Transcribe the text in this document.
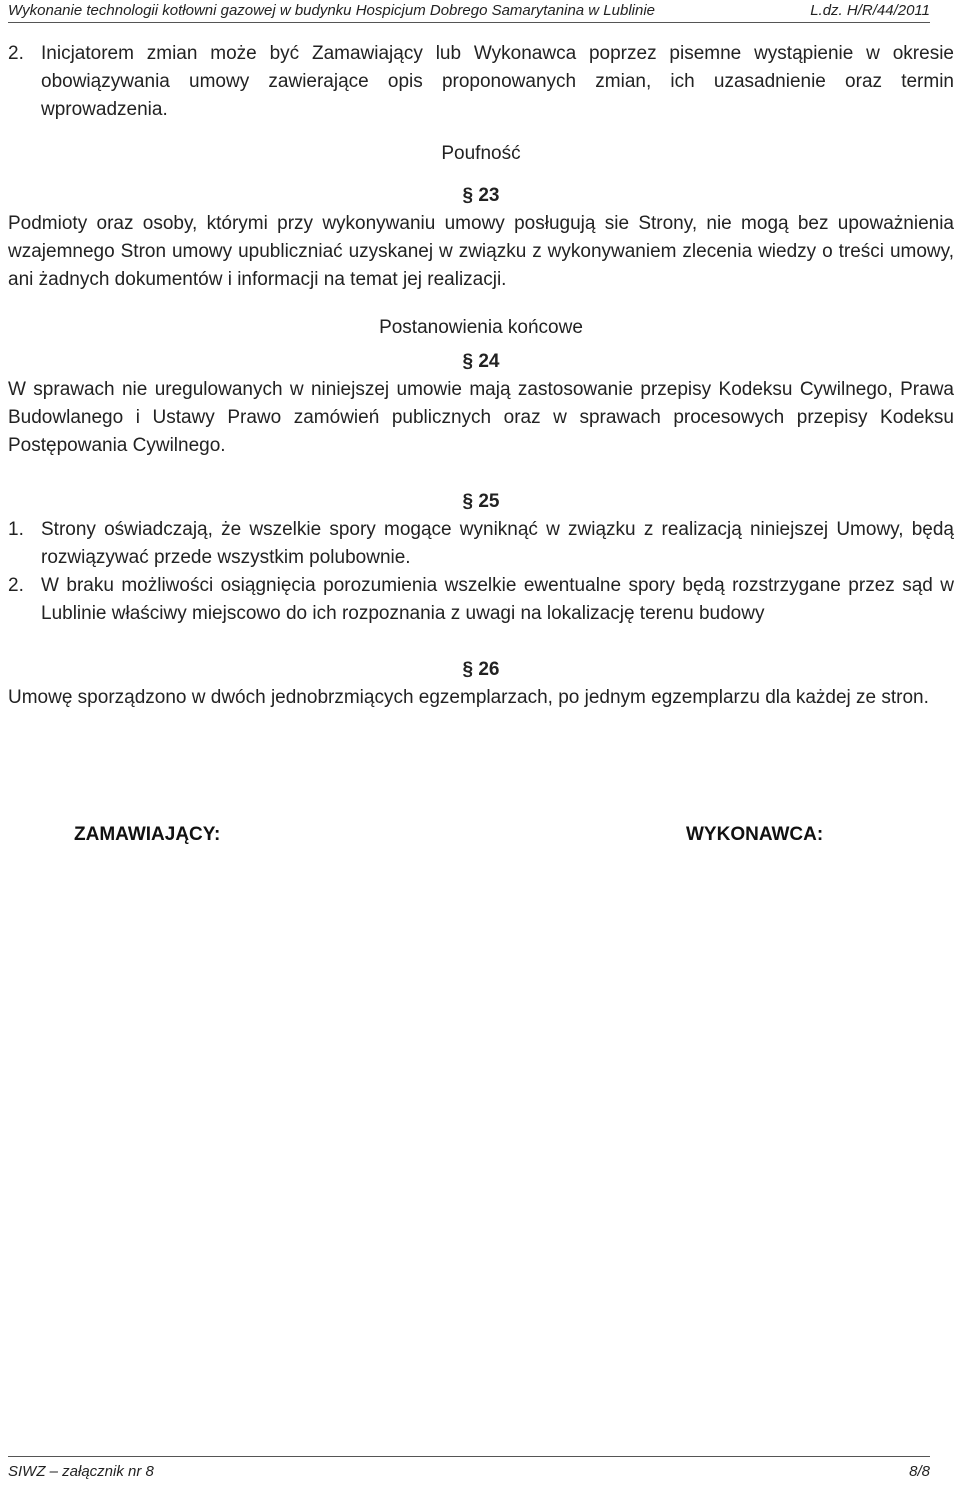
Wykonanie technologii kotłowni gazowej w budynku Hospicjum Dobrego Samarytanina w Lublinie	L.dz. H/R/44/2011
2. Inicjatorem zmian może być Zamawiający lub Wykonawca poprzez pisemne wystąpienie w okresie obowiązywania umowy zawierające opis proponowanych zmian, ich uzasadnienie oraz termin wprowadzenia.

Poufność

§ 23

Podmioty oraz osoby, którymi przy wykonywaniu umowy posługują sie Strony, nie mogą bez upoważnienia wzajemnego Stron umowy upubliczniać uzyskanej w związku z wykonywaniem zlecenia wiedzy o treści umowy, ani żadnych dokumentów i informacji na temat jej realizacji.

Postanowienia końcowe

§ 24

W sprawach nie uregulowanych w niniejszej umowie mają zastosowanie przepisy Kodeksu Cywilnego, Prawa Budowlanego i Ustawy Prawo zamówień publicznych oraz w sprawach procesowych przepisy Kodeksu Postępowania Cywilnego.

§ 25

1. Strony oświadczają, że wszelkie spory mogące wyniknąć w związku z realizacją niniejszej Umowy, będą rozwiązywać przede wszystkim polubownie.
2. W braku możliwości osiągnięcia porozumienia wszelkie ewentualne spory będą rozstrzygane przez sąd w Lublinie właściwy miejscowo do ich rozpoznania z uwagi na lokalizację terenu budowy

§ 26

Umowę sporządzono w dwóch jednobrzmiących egzemplarzach, po jednym egzemplarzu dla każdej ze stron.

ZAMAWIAJĄCY:	WYKONAWCA:
SIWZ – załącznik nr 8	8/8
